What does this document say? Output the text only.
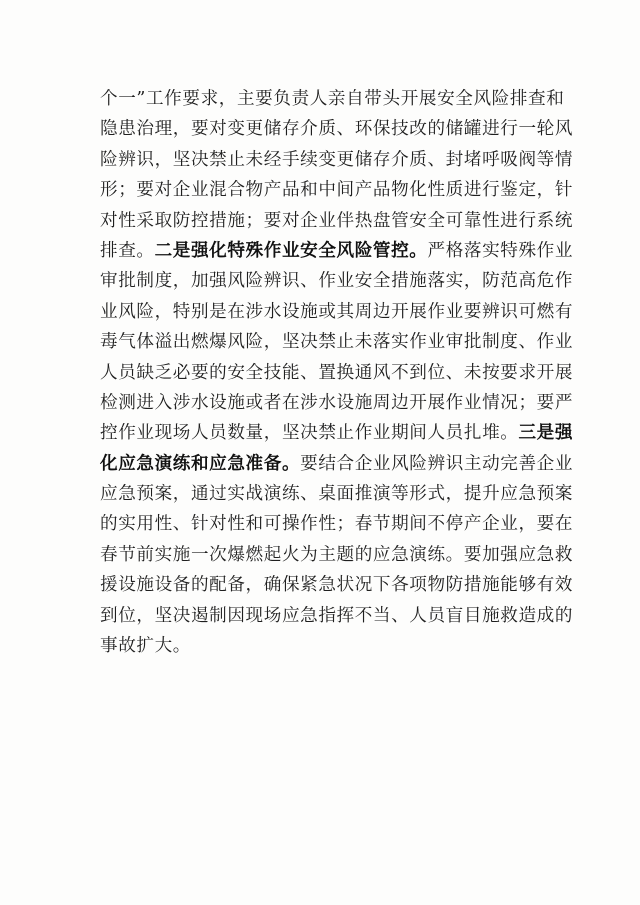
个一”工作要求，主要负责人亲自带头开展安全风险排查和
隐患治理，要对变更储存介质、环保技改的储罐进行一轮风
险辨识，坚决禁止未经手续变更储存介质、封堵呼吸阀等情
形；要对企业混合物产品和中间产品物化性质进行鉴定，针
对性采取防控措施；要对企业伴热盘管安全可靠性进行系统
排查。二是强化特殊作业安全风险管控。严格落实特殊作业
审批制度，加强风险辨识、作业安全措施落实，防范高危作
业风险，特别是在涉水设施或其周边开展作业要辨识可燃有
毒气体溢出燃爆风险，坚决禁止未落实作业审批制度、作业
人员缺乏必要的安全技能、置换通风不到位、未按要求开展
检测进入涉水设施或者在涉水设施周边开展作业情况；要严
控作业现场人员数量，坚决禁止作业期间人员扎堆。三是强
化应急演练和应急准备。要结合企业风险辨识主动完善企业
应急预案，通过实战演练、桌面推演等形式，提升应急预案
的实用性、针对性和可操作性；春节期间不停产企业，要在
春节前实施一次爆燃起火为主题的应急演练。要加强应急救
援设施设备的配备，确保紧急状况下各项物防措施能够有效
到位，坚决遏制因现场应急指挥不当、人员盲目施救造成的
事故扩大。
